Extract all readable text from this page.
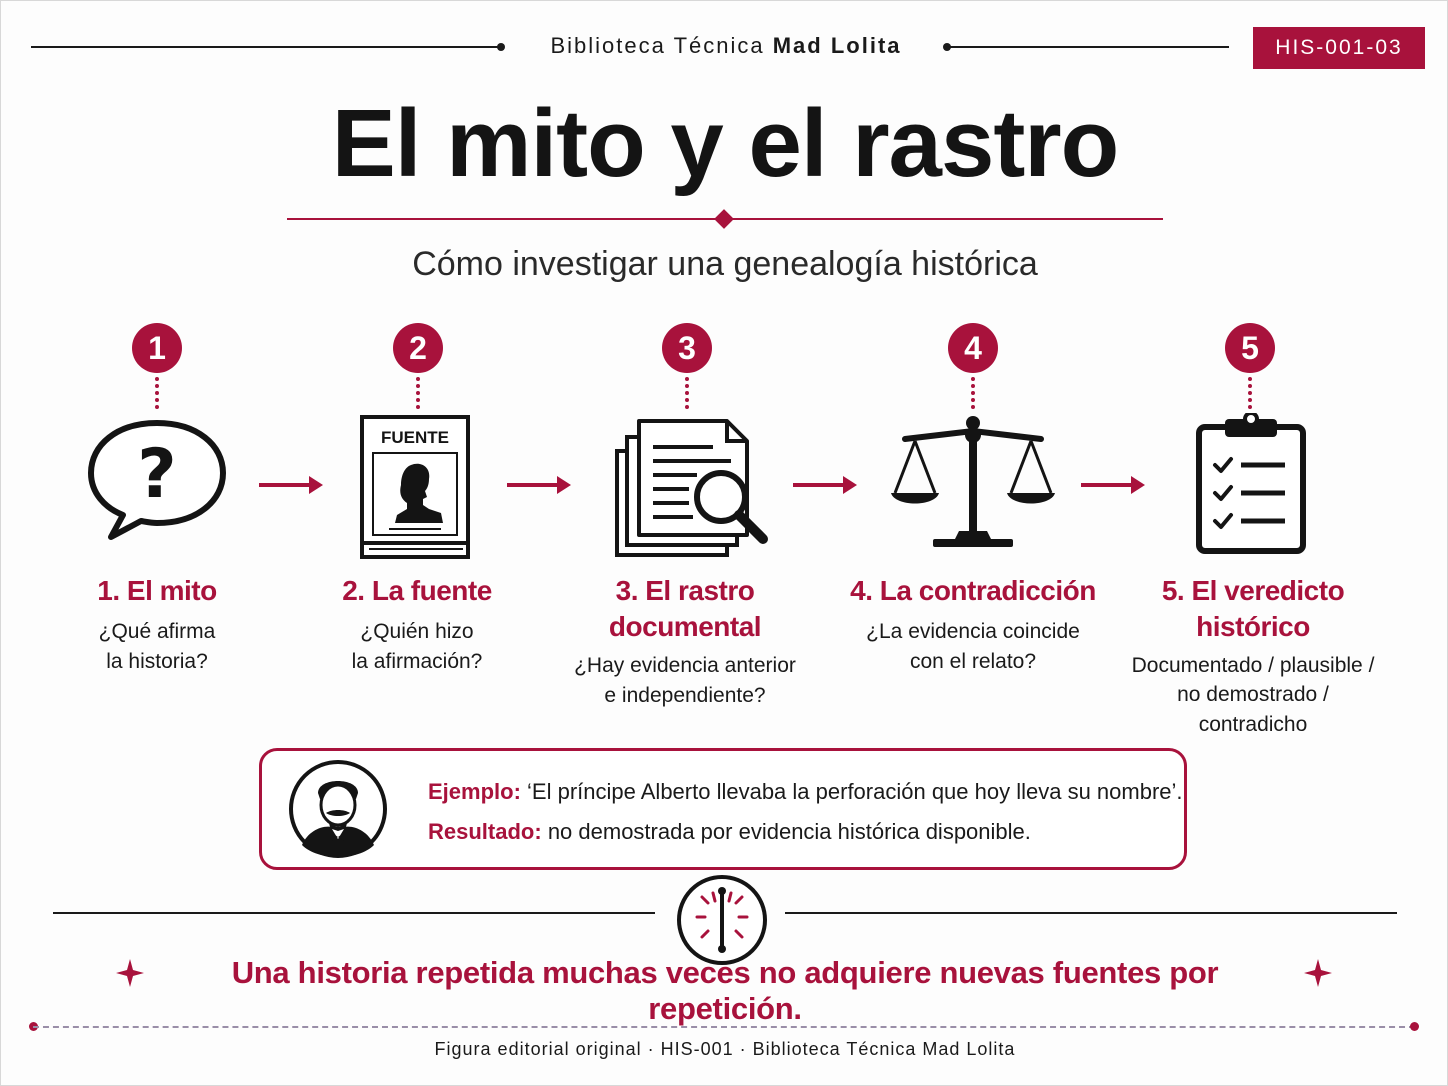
Biblioteca Técnica Mad Lolita	HIS-001-03
El mito y el rastro
Cómo investigar una genealogía histórica
1
?
1. El mito
¿Qué afirma
la historia?
2
FUENTE
2. La fuente
¿Quién hizo
la afirmación?
3
3. El rastro
documental
¿Hay evidencia anterior
e independiente?
4
4. La contradicción
¿La evidencia coincide
con el relato?
5
5. El veredicto
histórico
Documentado / plausible /
no demostrado /
contradicho
Ejemplo: ‘El príncipe Alberto llevaba la perforación que hoy lleva su nombre’.
Resultado: no demostrada por evidencia histórica disponible.
Una historia repetida muchas veces no adquiere nuevas fuentes por repetición.
Figura editorial original · HIS-001 · Biblioteca Técnica Mad Lolita
